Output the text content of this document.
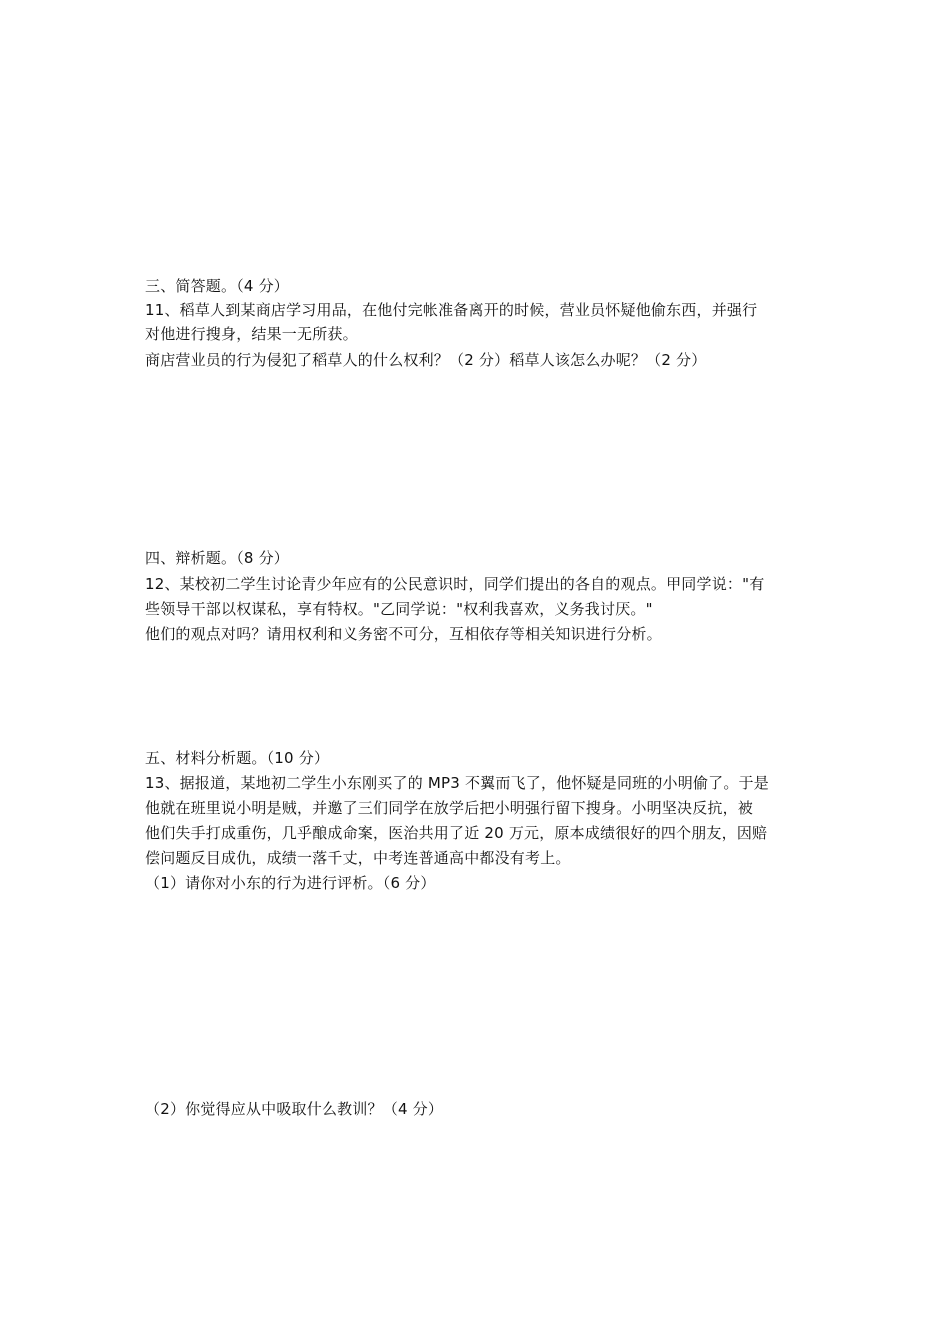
三、简答题。（4 分）
11、稻草人到某商店学习用品，在他付完帐准备离开的时候，营业员怀疑他偷东西，并强行
对他进行搜身，结果一无所获。
商店营业员的行为侵犯了稻草人的什么权利？（2 分）稻草人该怎么办呢？（2 分）
四、辩析题。（8 分）
12、某校初二学生讨论青少年应有的公民意识时，同学们提出的各自的观点。甲同学说："有
些领导干部以权谋私，享有特权。"乙同学说："权利我喜欢，义务我讨厌。"
他们的观点对吗？请用权利和义务密不可分，互相依存等相关知识进行分析。
五、材料分析题。（10 分）
13、据报道，某地初二学生小东刚买了的 MP3 不翼而飞了，他怀疑是同班的小明偷了。于是
他就在班里说小明是贼，并邀了三们同学在放学后把小明强行留下搜身。小明坚决反抗，被
他们失手打成重伤，几乎酿成命案，医治共用了近 20 万元，原本成绩很好的四个朋友，因赔
偿问题反目成仇，成绩一落千丈，中考连普通高中都没有考上。
（1）请你对小东的行为进行评析。（6 分）
（2）你觉得应从中吸取什么教训？（4 分）
